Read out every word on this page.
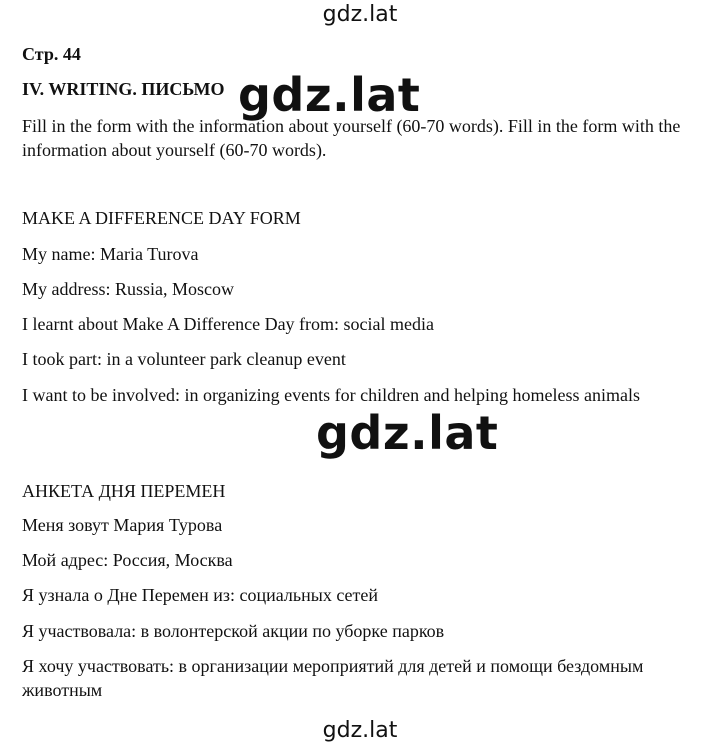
gdz.lat
Стр. 44
IV. WRITING. ПИСЬМО gdz.lat
Fill in the form with the information about yourself (60-70 words). Fill in the form with the information about yourself (60-70 words).
MAKE A DIFFERENCE DAY FORM
My name: Maria Turova
My address: Russia, Moscow
I learnt about Make A Difference Day from: social media
I took part: in a volunteer park cleanup event
I want to be involved: in organizing events for children and helping homeless animals
gdz.lat
АНКЕТА ДНЯ ПЕРЕМЕН
Меня зовут Мария Турова
Мой адрес: Россия, Москва
Я узнала о Дне Перемен из: социальных сетей
Я участвовала: в волонтерской акции по уборке парков
Я хочу участвовать: в организации мероприятий для детей и помощи бездомным животным
gdz.lat
